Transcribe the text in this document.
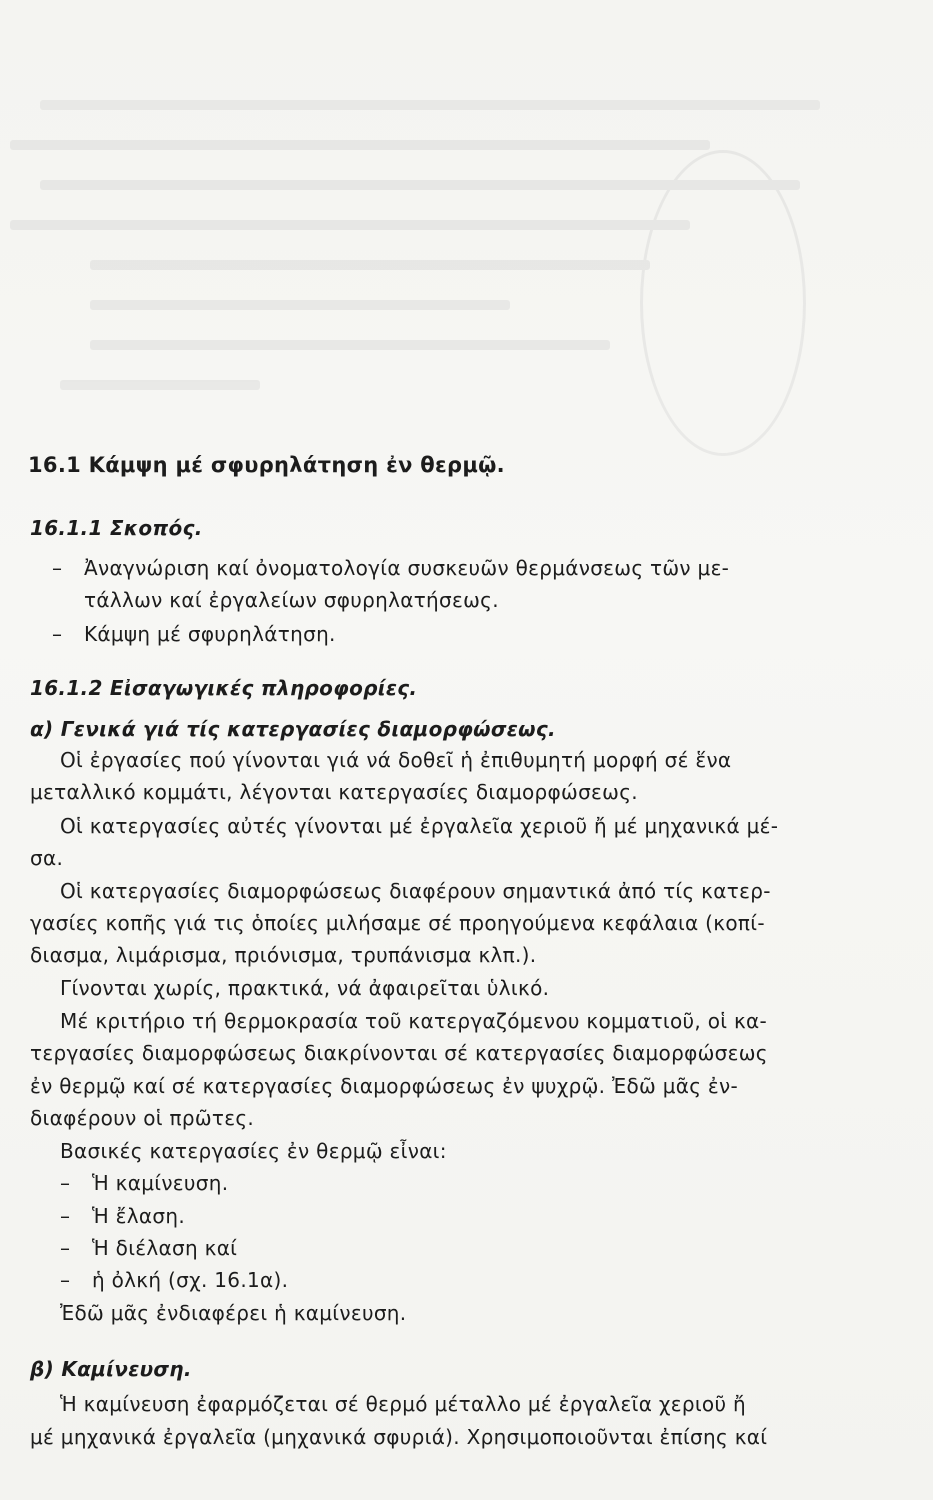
16.1 Κάμψη μέ σφυρηλάτηση ἐν θερμῷ.
16.1.1 Σκοπός.
– Ἀναγνώριση καί ὀνοματολογία συσκευῶν θερμάνσεως τῶν με-
τάλλων καί ἐργαλείων σφυρηλατήσεως.
– Κάμψη μέ σφυρηλάτηση.
16.1.2 Εἰσαγωγικές πληροφορίες.
α) Γενικά γιά τίς κατεργασίες διαμορφώσεως.
Οἱ ἐργασίες πού γίνονται γιά νά δοθεῖ ἡ ἐπιθυμητή μορφή σέ ἕνα
μεταλλικό κομμάτι, λέγονται κατεργασίες διαμορφώσεως.
Οἱ κατεργασίες αὐτές γίνονται μέ ἐργαλεῖα χεριοῦ ἤ μέ μηχανικά μέ-
σα.
Οἱ κατεργασίες διαμορφώσεως διαφέρουν σημαντικά ἀπό τίς κατερ-
γασίες κοπῆς γιά τις ὁποίες μιλήσαμε σέ προηγούμενα κεφάλαια (κοπί-
διασμα, λιμάρισμα, πριόνισμα, τρυπάνισμα κλπ.).
Γίνονται χωρίς, πρακτικά, νά ἀφαιρεῖται ὑλικό.
Μέ κριτήριο τή θερμοκρασία τοῦ κατεργαζόμενου κομματιοῦ, οἱ κα-
τεργασίες διαμορφώσεως διακρίνονται σέ κατεργασίες διαμορφώσεως
ἐν θερμῷ καί σέ κατεργασίες διαμορφώσεως ἐν ψυχρῷ. Ἐδῶ μᾶς ἐν-
διαφέρουν οἱ πρῶτες.
Βασικές κατεργασίες ἐν θερμῷ εἶναι:
– Ἡ καμίνευση.
– Ἡ ἔλαση.
– Ἡ διέλαση καί
– ἡ ὀλκή (σχ. 16.1α).
Ἐδῶ μᾶς ἐνδιαφέρει ἡ καμίνευση.
β) Καμίνευση.
Ἡ καμίνευση ἐφαρμόζεται σέ θερμό μέταλλο μέ ἐργαλεῖα χεριοῦ ἤ
μέ μηχανικά ἐργαλεῖα (μηχανικά σφυριά). Χρησιμοποιοῦνται ἐπίσης καί
